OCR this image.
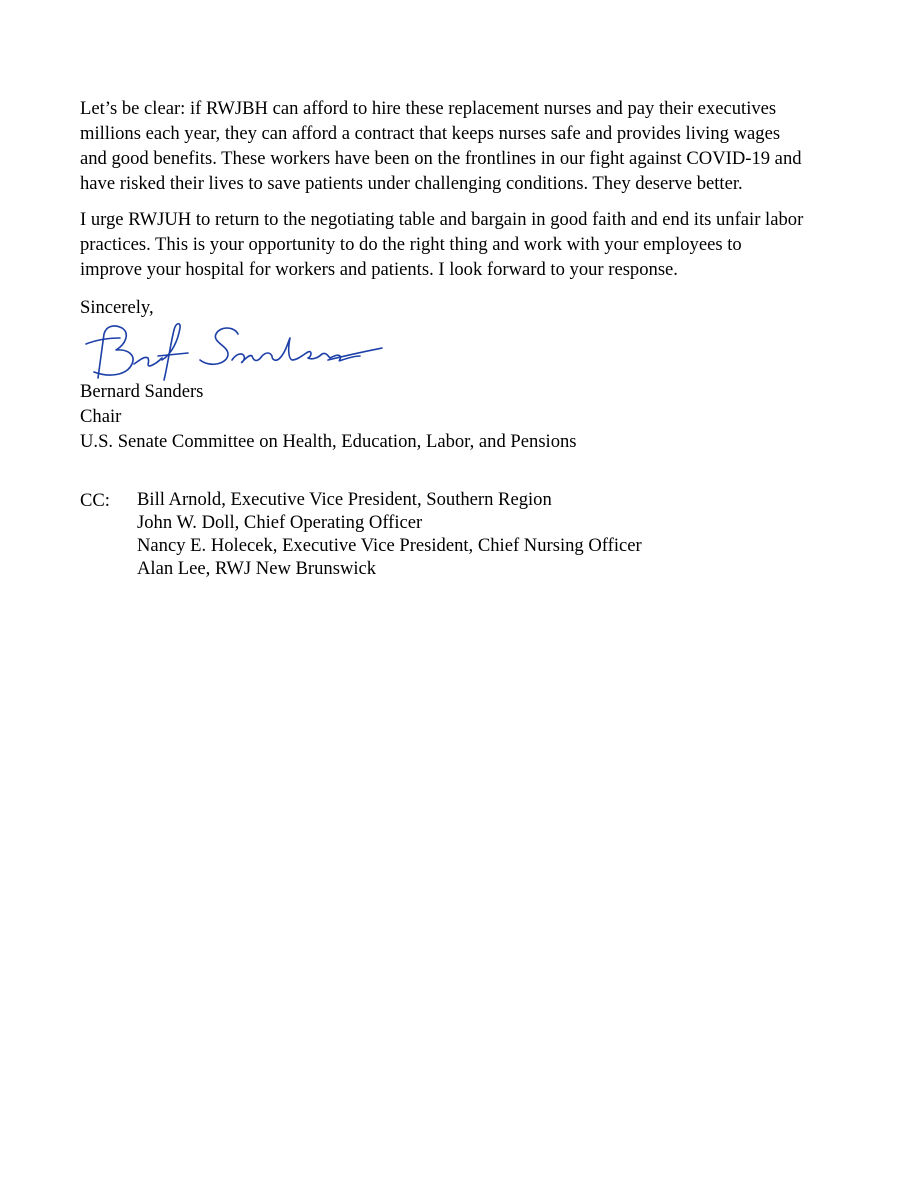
Let’s be clear: if RWJBH can afford to hire these replacement nurses and pay their executives
millions each year, they can afford a contract that keeps nurses safe and provides living wages
and good benefits. These workers have been on the frontlines in our fight against COVID-19 and
have risked their lives to save patients under challenging conditions. They deserve better.

I urge RWJUH to return to the negotiating table and bargain in good faith and end its unfair labor
practices. This is your opportunity to do the right thing and work with your employees to
improve your hospital for workers and patients. I look forward to your response.

Sincerely,

Bernard Sanders
Chair
U.S. Senate Committee on Health, Education, Labor, and Pensions
CC: Bill Arnold, Executive Vice President, Southern Region
John W. Doll, Chief Operating Officer
Nancy E. Holecek, Executive Vice President, Chief Nursing Officer
Alan Lee, RWJ New Brunswick
